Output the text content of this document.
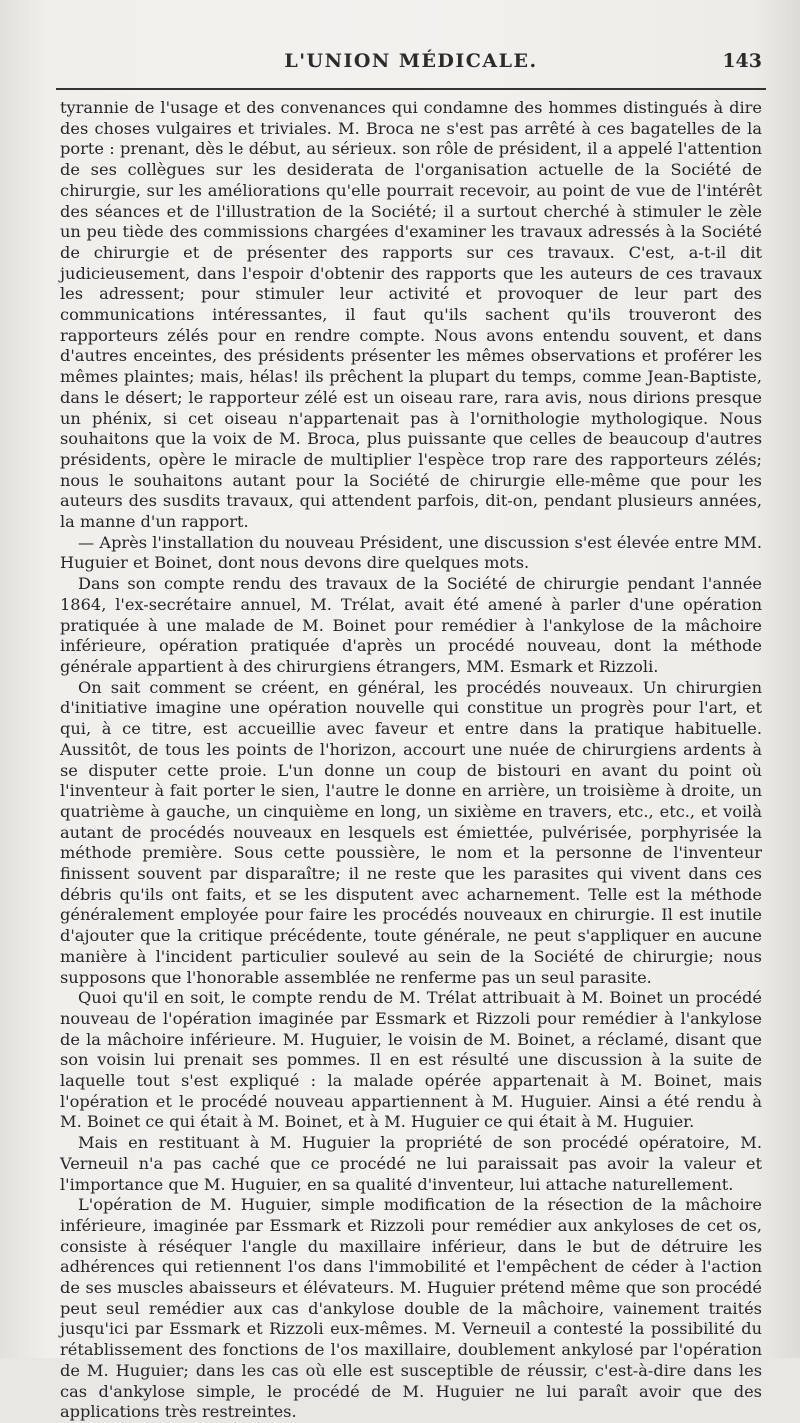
L'UNION MÉDICALE.	143

tyrannie de l'usage et des convenances qui condamne des hommes distingués à dire des choses vulgaires et triviales. M. Broca ne s'est pas arrêté à ces bagatelles de la porte : prenant, dès le début, au sérieux. son rôle de président, il a appelé l'attention de ses collègues sur les desiderata de l'organisation actuelle de la Société de chirurgie, sur les améliorations qu'elle pourrait recevoir, au point de vue de l'intérêt des séances et de l'illustration de la Société; il a surtout cherché à stimuler le zèle un peu tiède des commissions chargées d'examiner les travaux adressés à la Société de chirurgie et de présenter des rapports sur ces travaux. C'est, a-t-il dit judicieusement, dans l'espoir d'obtenir des rapports que les auteurs de ces travaux les adressent; pour stimuler leur activité et provoquer de leur part des communications intéressantes, il faut qu'ils sachent qu'ils trouveront des rapporteurs zélés pour en rendre compte. Nous avons entendu souvent, et dans d'autres enceintes, des présidents présenter les mêmes observations et proférer les mêmes plaintes; mais, hélas! ils prêchent la plupart du temps, comme Jean-Baptiste, dans le désert; le rapporteur zélé est un oiseau rare, rara avis, nous dirions presque un phénix, si cet oiseau n'appartenait pas à l'ornithologie mythologique. Nous souhaitons que la voix de M. Broca, plus puissante que celles de beaucoup d'autres présidents, opère le miracle de multiplier l'espèce trop rare des rapporteurs zélés; nous le souhaitons autant pour la Société de chirurgie elle-même que pour les auteurs des susdits travaux, qui attendent parfois, dit-on, pendant plusieurs années, la manne d'un rapport.

— Après l'installation du nouveau Président, une discussion s'est élevée entre MM. Huguier et Boinet, dont nous devons dire quelques mots.

Dans son compte rendu des travaux de la Société de chirurgie pendant l'année 1864, l'ex-secrétaire annuel, M. Trélat, avait été amené à parler d'une opération pratiquée à une malade de M. Boinet pour remédier à l'ankylose de la mâchoire inférieure, opération pratiquée d'après un procédé nouveau, dont la méthode générale appartient à des chirurgiens étrangers, MM. Esmark et Rizzoli.

On sait comment se créent, en général, les procédés nouveaux. Un chirurgien d'initiative imagine une opération nouvelle qui constitue un progrès pour l'art, et qui, à ce titre, est accueillie avec faveur et entre dans la pratique habituelle. Aussitôt, de tous les points de l'horizon, accourt une nuée de chirurgiens ardents à se disputer cette proie. L'un donne un coup de bistouri en avant du point où l'inventeur à fait porter le sien, l'autre le donne en arrière, un troisième à droite, un quatrième à gauche, un cinquième en long, un sixième en travers, etc., etc., et voilà autant de procédés nouveaux en lesquels est émiettée, pulvérisée, porphyrisée la méthode première. Sous cette poussière, le nom et la personne de l'inventeur finissent souvent par disparaître; il ne reste que les parasites qui vivent dans ces débris qu'ils ont faits, et se les disputent avec acharnement. Telle est la méthode généralement employée pour faire les procédés nouveaux en chirurgie. Il est inutile d'ajouter que la critique précédente, toute générale, ne peut s'appliquer en aucune manière à l'incident particulier soulevé au sein de la Société de chirurgie; nous supposons que l'honorable assemblée ne renferme pas un seul parasite.

Quoi qu'il en soit, le compte rendu de M. Trélat attribuait à M. Boinet un procédé nouveau de l'opération imaginée par Essmark et Rizzoli pour remédier à l'ankylose de la mâchoire inférieure. M. Huguier, le voisin de M. Boinet, a réclamé, disant que son voisin lui prenait ses pommes. Il en est résulté une discussion à la suite de laquelle tout s'est expliqué : la malade opérée appartenait à M. Boinet, mais l'opération et le procédé nouveau appartiennent à M. Huguier. Ainsi a été rendu à M. Boinet ce qui était à M. Boinet, et à M. Huguier ce qui était à M. Huguier.

Mais en restituant à M. Huguier la propriété de son procédé opératoire, M. Verneuil n'a pas caché que ce procédé ne lui paraissait pas avoir la valeur et l'importance que M. Huguier, en sa qualité d'inventeur, lui attache naturellement.

L'opération de M. Huguier, simple modification de la résection de la mâchoire inférieure, imaginée par Essmark et Rizzoli pour remédier aux ankyloses de cet os, consiste à réséquer l'angle du maxillaire inférieur, dans le but de détruire les adhérences qui retiennent l'os dans l'immobilité et l'empêchent de céder à l'action de ses muscles abaisseurs et élévateurs. M. Huguier prétend même que son procédé peut seul remédier aux cas d'ankylose double de la mâchoire, vainement traités jusqu'ici par Essmark et Rizzoli eux-mêmes. M. Verneuil a contesté la possibilité du rétablissement des fonctions de l'os maxillaire, doublement ankylosé par l'opération de M. Huguier; dans les cas où elle est susceptible de réussir, c'est-à-dire dans les cas d'ankylose simple, le procédé de M. Huguier ne lui paraît avoir que des applications très restreintes.
